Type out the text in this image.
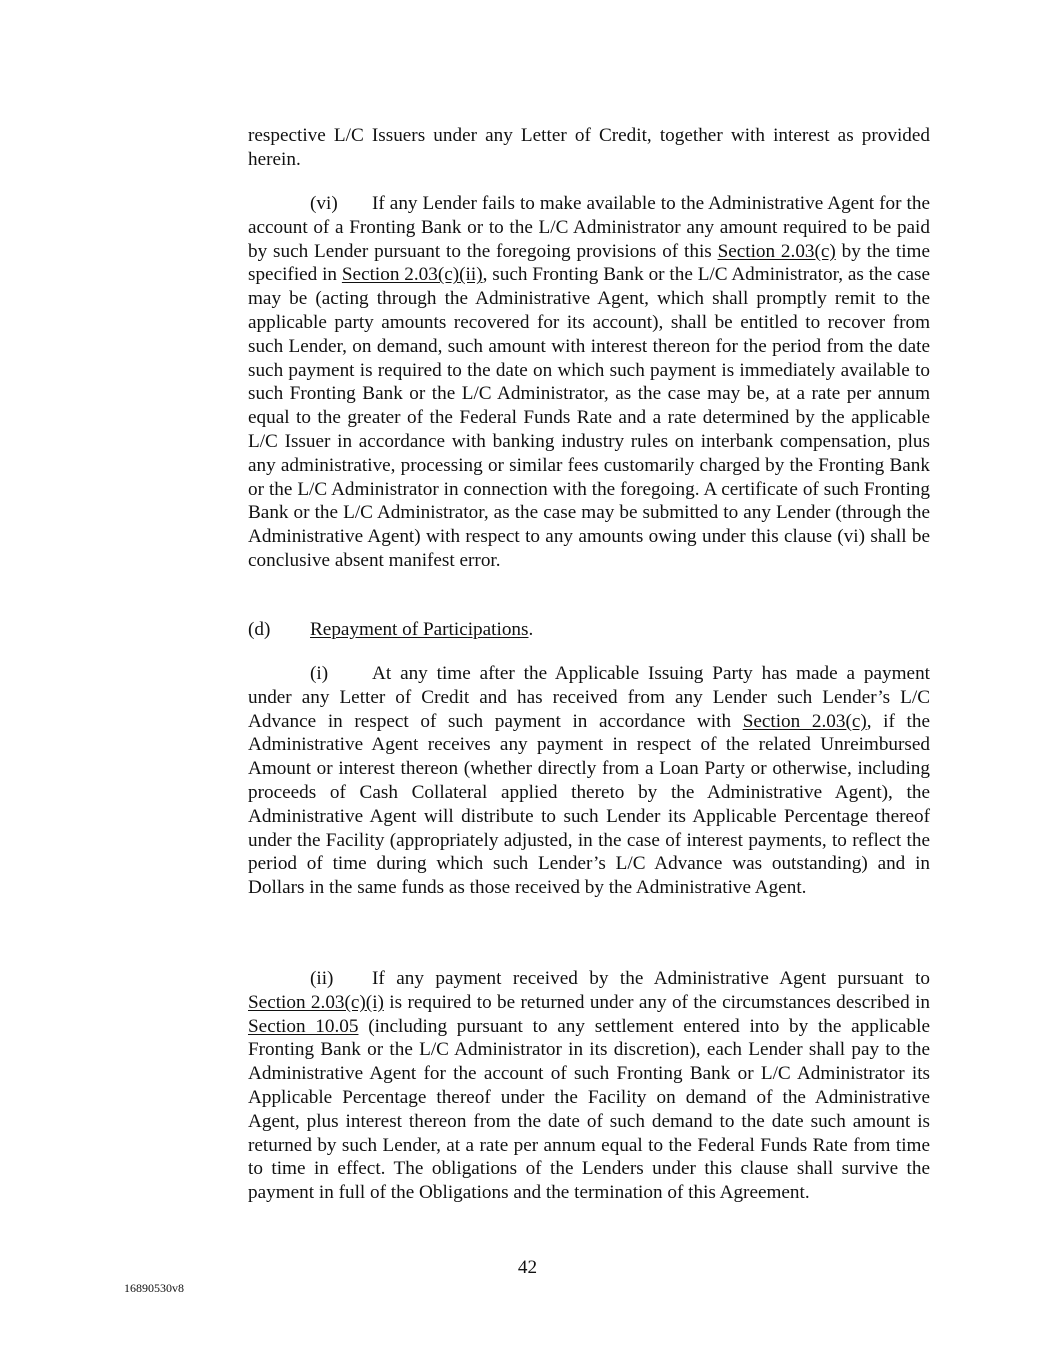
respective L/C Issuers under any Letter of Credit, together with interest as provided herein.

(vi) If any Lender fails to make available to the Administrative Agent for the account of a Fronting Bank or to the L/C Administrator any amount required to be paid by such Lender pursuant to the foregoing provisions of this Section 2.03(c) by the time specified in Section 2.03(c)(ii), such Fronting Bank or the L/C Administrator, as the case may be (acting through the Administrative Agent, which shall promptly remit to the applicable party amounts recovered for its account), shall be entitled to recover from such Lender, on demand, such amount with interest thereon for the period from the date such payment is required to the date on which such payment is immediately available to such Fronting Bank or the L/C Administrator, as the case may be, at a rate per annum equal to the greater of the Federal Funds Rate and a rate determined by the applicable L/C Issuer in accordance with banking industry rules on interbank compensation, plus any administrative, processing or similar fees customarily charged by the Fronting Bank or the L/C Administrator in connection with the foregoing. A certificate of such Fronting Bank or the L/C Administrator, as the case may be submitted to any Lender (through the Administrative Agent) with respect to any amounts owing under this clause (vi) shall be conclusive absent manifest error.

(d) Repayment of Participations.

(i) At any time after the Applicable Issuing Party has made a payment under any Letter of Credit and has received from any Lender such Lender’s L/C Advance in respect of such payment in accordance with Section 2.03(c), if the Administrative Agent receives any payment in respect of the related Unreimbursed Amount or interest thereon (whether directly from a Loan Party or otherwise, including proceeds of Cash Collateral applied thereto by the Administrative Agent), the Administrative Agent will distribute to such Lender its Applicable Percentage thereof under the Facility (appropriately adjusted, in the case of interest payments, to reflect the period of time during which such Lender’s L/C Advance was outstanding) and in Dollars in the same funds as those received by the Administrative Agent.

(ii) If any payment received by the Administrative Agent pursuant to Section 2.03(c)(i) is required to be returned under any of the circumstances described in Section 10.05 (including pursuant to any settlement entered into by the applicable Fronting Bank or the L/C Administrator in its discretion), each Lender shall pay to the Administrative Agent for the account of such Fronting Bank or L/C Administrator its Applicable Percentage thereof under the Facility on demand of the Administrative Agent, plus interest thereon from the date of such demand to the date such amount is returned by such Lender, at a rate per annum equal to the Federal Funds Rate from time to time in effect. The obligations of the Lenders under this clause shall survive the payment in full of the Obligations and the termination of this Agreement.

42
16890530v8
